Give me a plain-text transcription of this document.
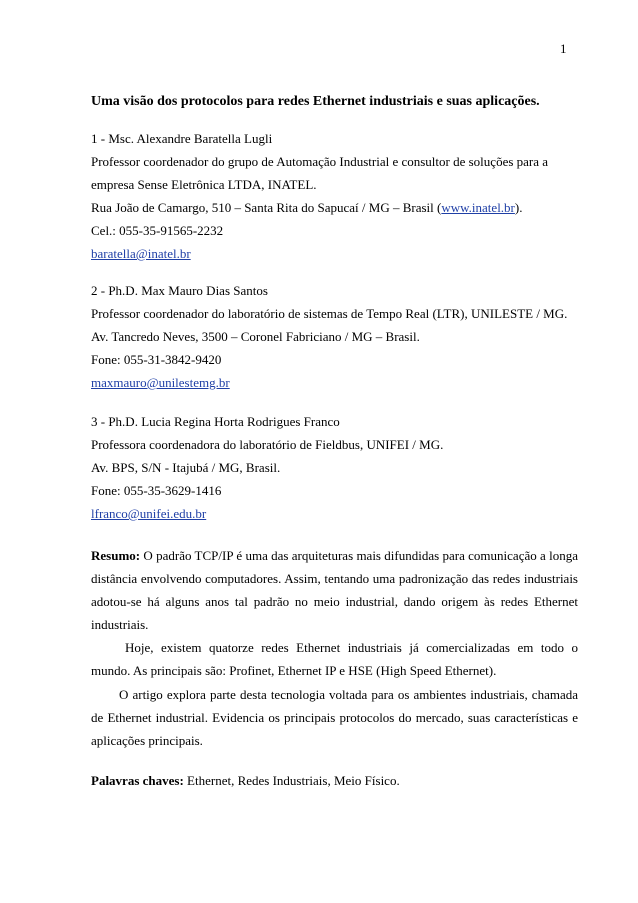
1
Uma visão dos protocolos para redes Ethernet industriais e suas aplicações.
1 - Msc. Alexandre Baratella Lugli
Professor coordenador do grupo de Automação Industrial e consultor de soluções para a
empresa Sense Eletrônica LTDA, INATEL.
Rua João de Camargo, 510 – Santa Rita do Sapucaí / MG – Brasil (www.inatel.br).
Cel.: 055-35-91565-2232
baratella@inatel.br
2 - Ph.D. Max Mauro Dias Santos
Professor coordenador do laboratório de sistemas de Tempo Real (LTR), UNILESTE / MG.
Av. Tancredo Neves, 3500 – Coronel Fabriciano / MG – Brasil.
Fone: 055-31-3842-9420
maxmauro@unilestemg.br
3 - Ph.D. Lucia Regina Horta Rodrigues Franco
Professora coordenadora do laboratório de Fieldbus, UNIFEI / MG.
Av. BPS, S/N - Itajubá / MG, Brasil.
Fone: 055-35-3629-1416
lfranco@unifei.edu.br

Resumo: O padrão TCP/IP é uma das arquiteturas mais difundidas para comunicação a longa distância envolvendo computadores. Assim, tentando uma padronização das redes industriais adotou-se há alguns anos tal padrão no meio industrial, dando origem às redes Ethernet industriais.

Hoje, existem quatorze redes Ethernet industriais já comercializadas em todo o mundo. As principais são: Profinet, Ethernet IP e HSE (High Speed Ethernet).

O artigo explora parte desta tecnologia voltada para os ambientes industriais, chamada de Ethernet industrial. Evidencia os principais protocolos do mercado, suas características e aplicações principais.

Palavras chaves: Ethernet, Redes Industriais, Meio Físico.
